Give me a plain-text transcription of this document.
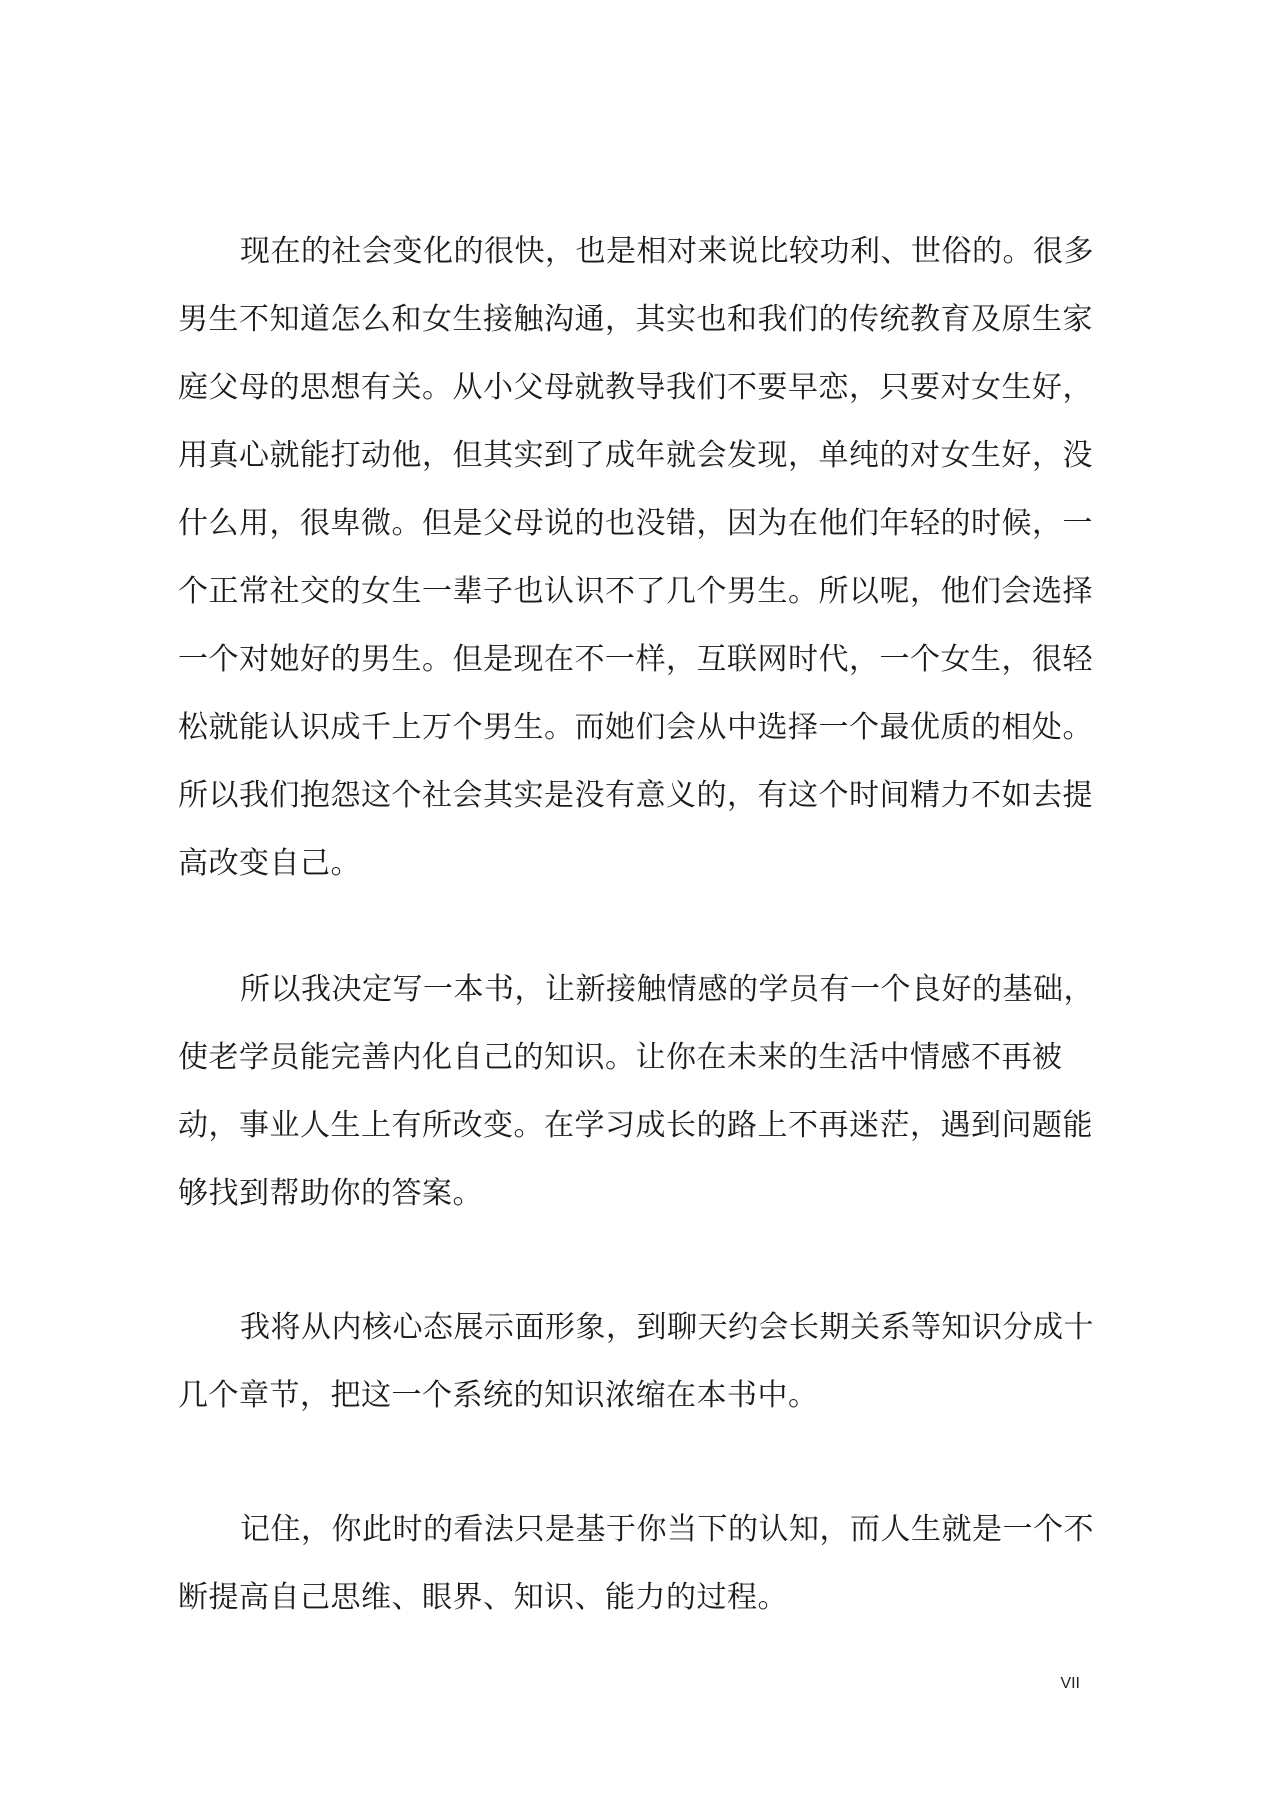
现在的社会变化的很快，也是相对来说比较功利、世俗的。很多
男生不知道怎么和女生接触沟通，其实也和我们的传统教育及原生家
庭父母的思想有关。从小父母就教导我们不要早恋，只要对女生好，
用真心就能打动他，但其实到了成年就会发现，单纯的对女生好，没
什么用，很卑微。但是父母说的也没错，因为在他们年轻的时候，一
个正常社交的女生一辈子也认识不了几个男生。所以呢，他们会选择
一个对她好的男生。但是现在不一样，互联网时代，一个女生，很轻
松就能认识成千上万个男生。而她们会从中选择一个最优质的相处。
所以我们抱怨这个社会其实是没有意义的，有这个时间精力不如去提
高改变自己。
所以我决定写一本书，让新接触情感的学员有一个良好的基础，
使老学员能完善内化自己的知识。让你在未来的生活中情感不再被
动，事业人生上有所改变。在学习成长的路上不再迷茫，遇到问题能
够找到帮助你的答案。
我将从内核心态展示面形象，到聊天约会长期关系等知识分成十
几个章节，把这一个系统的知识浓缩在本书中。
记住，你此时的看法只是基于你当下的认知，而人生就是一个不
断提高自己思维、眼界、知识、能力的过程。
VII
